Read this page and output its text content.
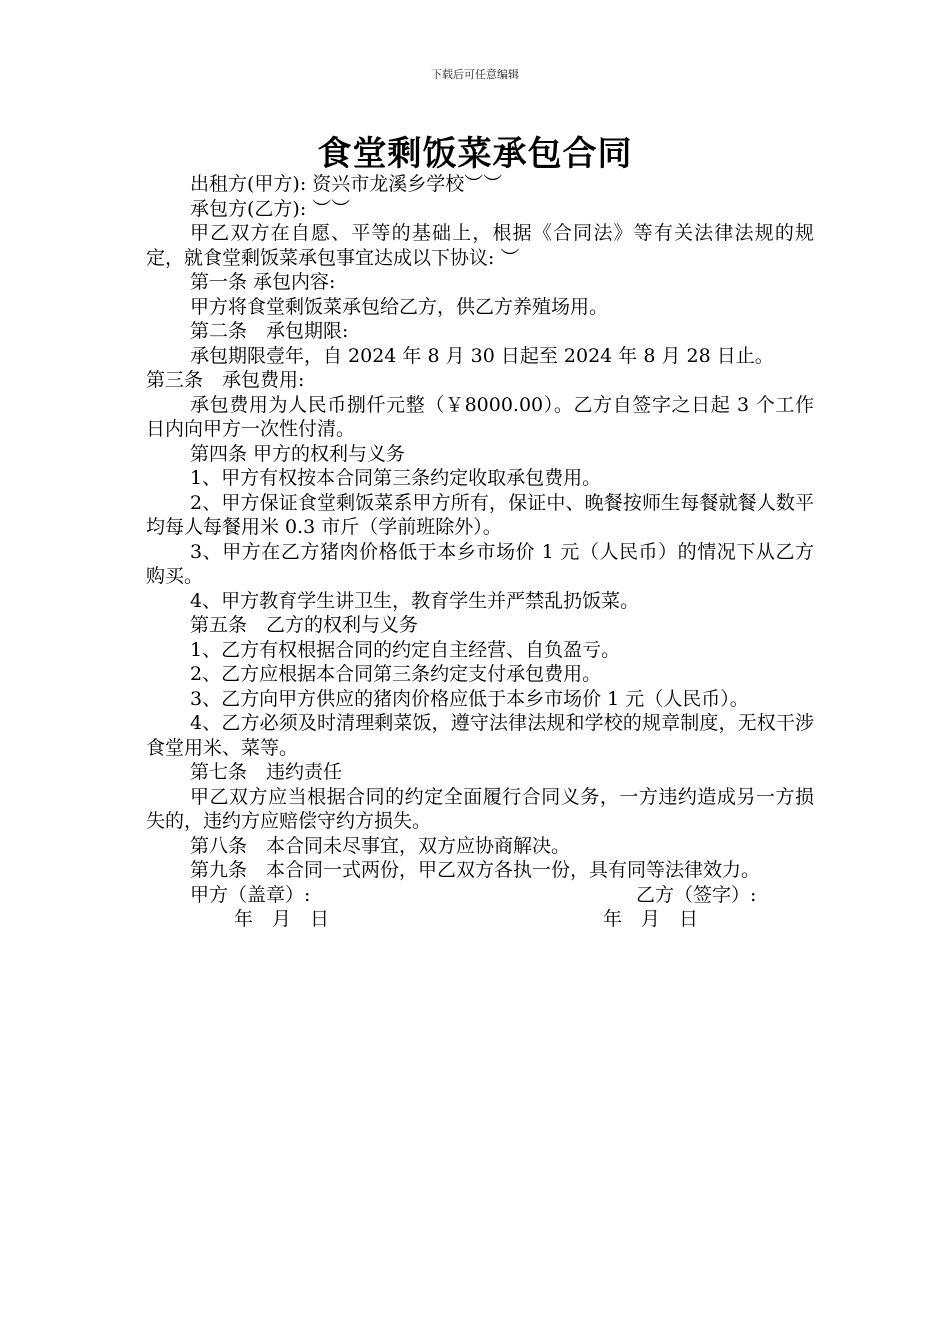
下载后可任意编辑
食堂剩饭菜承包合同

出租方(甲方): 资兴市龙溪乡学校︶︶

承包方(乙方): ︶︶

甲乙双方在自愿、平等的基础上，根据《合同法》等有关法律法规的规定，就食堂剩饭菜承包事宜达成以下协议: ︶

第一条 承包内容:

甲方将食堂剩饭菜承包给乙方，供乙方养殖场用。

第二条　承包期限:

承包期限壹年，自 2024 年 8 月 30 日起至 2024 年 8 月 28 日止。

第三条　承包费用:

承包费用为人民币捌仟元整（￥8000.00）。乙方自签字之日起 3 个工作日内向甲方一次性付清。

第四条 甲方的权利与义务

1、甲方有权按本合同第三条约定收取承包费用。

2、甲方保证食堂剩饭菜系甲方所有，保证中、晚餐按师生每餐就餐人数平均每人每餐用米 0.3 市斤（学前班除外）。

3、甲方在乙方猪肉价格低于本乡市场价 1 元（人民币）的情况下从乙方购买。

4、甲方教育学生讲卫生，教育学生并严禁乱扔饭菜。

第五条　乙方的权利与义务

1、乙方有权根据合同的约定自主经营、自负盈亏。

2、乙方应根据本合同第三条约定支付承包费用。

3、乙方向甲方供应的猪肉价格应低于本乡市场价 1 元（人民币）。

4、乙方必须及时清理剩菜饭，遵守法律法规和学校的规章制度，无权干涉食堂用米、菜等。

第七条　违约责任

甲乙双方应当根据合同的约定全面履行合同义务，一方违约造成另一方损失的，违约方应赔偿守约方损失。

第八条　本合同未尽事宜，双方应协商解决。

第九条　本合同一式两份，甲乙双方各执一份，具有同等法律效力。

甲方（盖章）:	乙方（签字）:
年　月　日	年　月　日
